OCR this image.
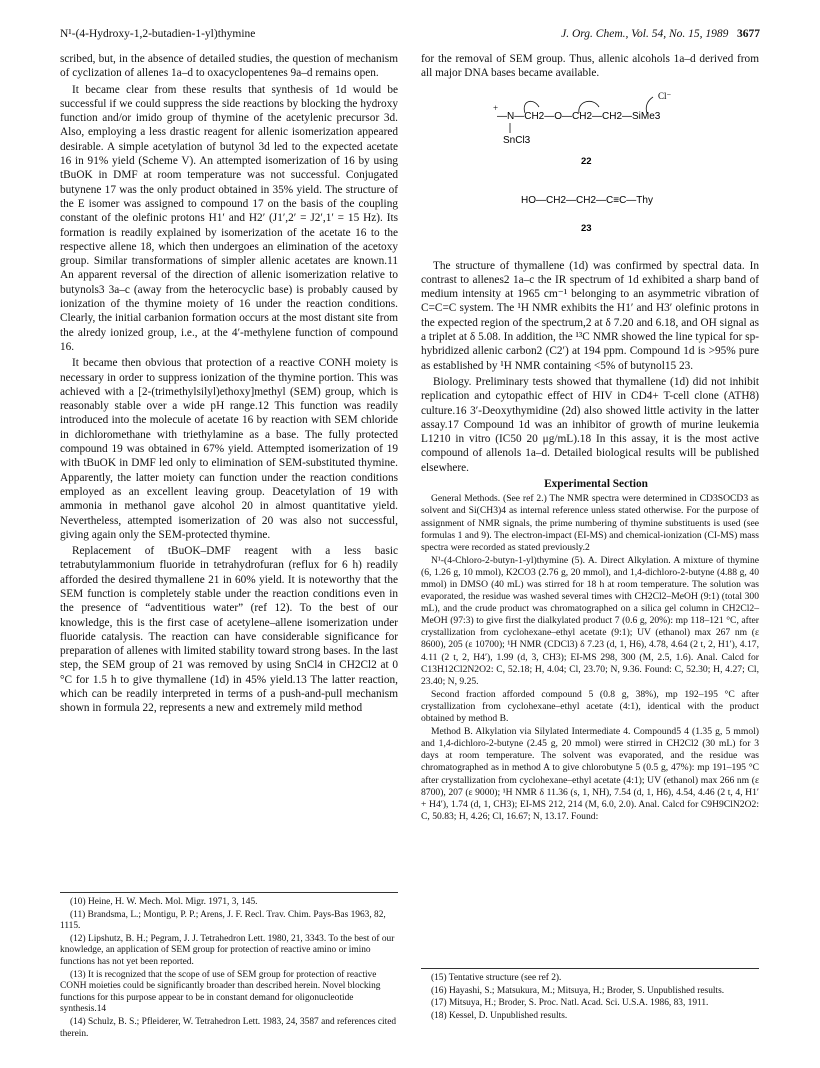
N¹-(4-Hydroxy-1,2-butadien-1-yl)thymine	J. Org. Chem., Vol. 54, No. 15, 1989 3677

scribed, but, in the absence of detailed studies, the question of mechanism of cyclization of allenes 1a–d to oxacyclopentenes 9a–d remains open.

It became clear from these results that synthesis of 1d would be successful if we could suppress the side reactions by blocking the hydroxy function and/or imido group of thymine of the acetylenic precursor 3d. Also, employing a less drastic reagent for allenic isomerization appeared desirable. A simple acetylation of butynol 3d led to the expected acetate 16 in 91% yield (Scheme V). An attempted isomerization of 16 by using tBuOK in DMF at room temperature was not successful. Conjugated butynene 17 was the only product obtained in 35% yield. The structure of the E isomer was assigned to compound 17 on the basis of the coupling constant of the olefinic protons H1′ and H2′ (J1′,2′ = J2′,1′ = 15 Hz). Its formation is readily explained by isomerization of the acetate 16 to the respective allene 18, which then undergoes an elimination of the acetoxy group. Similar transformations of simpler allenic acetates are known.11 An apparent reversal of the direction of allenic isomerization relative to butynols3 3a–c (away from the heterocyclic base) is probably caused by ionization of the thymine moiety of 16 under the reaction conditions. Clearly, the initial carbanion formation occurs at the most distant site from the alredy ionized group, i.e., at the 4′-methylene function of compound 16.

It became then obvious that protection of a reactive CONH moiety is necessary in order to suppress ionization of the thymine portion. This was achieved with a [2-(trimethylsilyl)ethoxy]methyl (SEM) group, which is reasonably stable over a wide pH range.12 This function was readily introduced into the molecule of acetate 16 by reaction with SEM chloride in dichloromethane with triethylamine as a base. The fully protected compound 19 was obtained in 67% yield. Attempted isomerization of 19 with tBuOK in DMF led only to elimination of SEM-substituted thymine. Apparently, the latter moiety can function under the reaction conditions employed as an excellent leaving group. Deacetylation of 19 with ammonia in methanol gave alcohol 20 in almost quantitative yield. Nevertheless, attempted isomerization of 20 was also not successful, giving again only the SEM-protected thymine.

Replacement of tBuOK–DMF reagent with a less basic tetrabutylammonium fluoride in tetrahydrofuran (reflux for 6 h) readily afforded the desired thymallene 21 in 60% yield. It is noteworthy that the SEM function is completely stable under the reaction conditions even in the presence of “adventitious water” (ref 12). To the best of our knowledge, this is the first case of acetylene–allene isomerization under fluoride catalysis. The reaction can have considerable significance for preparation of allenes with limited stability toward strong bases. In the last step, the SEM group of 21 was removed by using SnCl4 in CH2Cl2 at 0 °C for 1.5 h to give thymallene (1d) in 45% yield.13 The latter reaction, which can be readily interpreted in terms of a push-and-pull mechanism shown in formula 22, represents a new and extremely mild method

(10) Heine, H. W. Mech. Mol. Migr. 1971, 3, 145.

(11) Brandsma, L.; Montigu, P. P.; Arens, J. F. Recl. Trav. Chim. Pays-Bas 1963, 82, 1115.

(12) Lipshutz, B. H.; Pegram, J. J. Tetrahedron Lett. 1980, 21, 3343. To the best of our knowledge, an application of SEM group for protection of reactive amino or imino functions has not yet been reported.

(13) It is recognized that the scope of use of SEM group for protection of reactive CONH moieties could be significantly broader than described herein. Novel blocking functions for this purpose appear to be in constant demand for oligonucleotide synthesis.14

(14) Schulz, B. S.; Pfleiderer, W. Tetrahedron Lett. 1983, 24, 3587 and references cited therein.

for the removal of SEM group. Thus, allenic alcohols 1a–d derived from all major DNA bases became available.

Cl⁻
—N—CH2—O—CH2—CH2—SiMe3
+
SnCl3
22
HO—CH2—CH2—C≡C—Thy
23

The structure of thymallene (1d) was confirmed by spectral data. In contrast to allenes2 1a–c the IR spectrum of 1d exhibited a sharp band of medium intensity at 1965 cm⁻¹ belonging to an asymmetric vibration of C=C=C system. The ¹H NMR exhibits the H1′ and H3′ olefinic protons in the expected region of the spectrum,2 at δ 7.20 and 6.18, and OH signal as a triplet at δ 5.08. In addition, the ¹³C NMR showed the line typical for sp-hybridized allenic carbon2 (C2′) at 194 ppm. Compound 1d is >95% pure as established by ¹H NMR containing <5% of butynol15 23.

Biology. Preliminary tests showed that thymallene (1d) did not inhibit replication and cytopathic effect of HIV in CD4+ T-cell clone (ATH8) culture.16 3′-Deoxythymidine (2d) also showed little activity in the latter assay.17 Compound 1d was an inhibitor of growth of murine leukemia L1210 in vitro (IC50 20 μg/mL).18 In this assay, it is the most active compound of allenols 1a–d. Detailed biological results will be published elsewhere.

Experimental Section

General Methods. (See ref 2.) The NMR spectra were determined in CD3SOCD3 as solvent and Si(CH3)4 as internal reference unless stated otherwise. For the purpose of assignment of NMR signals, the prime numbering of thymine substituents is used (see formulas 1 and 9). The electron-impact (EI-MS) and chemical-ionization (CI-MS) mass spectra were recorded as stated previously.2

N¹-(4-Chloro-2-butyn-1-yl)thymine (5). A. Direct Alkylation. A mixture of thymine (6, 1.26 g, 10 mmol), K2CO3 (2.76 g, 20 mmol), and 1,4-dichloro-2-butyne (4.88 g, 40 mmol) in DMSO (40 mL) was stirred for 18 h at room temperature. The solution was evaporated, the residue was washed several times with CH2Cl2–MeOH (9:1) (total 300 mL), and the crude product was chromatographed on a silica gel column in CH2Cl2–MeOH (97:3) to give first the dialkylated product 7 (0.6 g, 20%): mp 118–121 °C, after crystallization from cyclohexane–ethyl acetate (9:1); UV (ethanol) max 267 nm (ε 8600), 205 (ε 10700); ¹H NMR (CDCl3) δ 7.23 (d, 1, H6), 4.78, 4.64 (2 t, 2, H1′), 4.17, 4.11 (2 t, 2, H4′), 1.99 (d, 3, CH3); EI-MS 298, 300 (M, 2.5, 1.6). Anal. Calcd for C13H12Cl2N2O2: C, 52.18; H, 4.04; Cl, 23.70; N, 9.36. Found: C, 52.30; H, 4.27; Cl, 23.40; N, 9.25.

Second fraction afforded compound 5 (0.8 g, 38%), mp 192–195 °C after crystallization from cyclohexane–ethyl acetate (4:1), identical with the product obtained by method B.

Method B. Alkylation via Silylated Intermediate 4. Compound5 4 (1.35 g, 5 mmol) and 1,4-dichloro-2-butyne (2.45 g, 20 mmol) were stirred in CH2Cl2 (30 mL) for 3 days at room temperature. The solvent was evaporated, and the residue was chromatographed as in method A to give chlorobutyne 5 (0.5 g, 47%): mp 191–195 °C after crystallization from cyclohexane–ethyl acetate (4:1); UV (ethanol) max 266 nm (ε 8700), 207 (ε 9000); ¹H NMR δ 11.36 (s, 1, NH), 7.54 (d, 1, H6), 4.54, 4.46 (2 t, 4, H1′ + H4′), 1.74 (d, 1, CH3); EI-MS 212, 214 (M, 6.0, 2.0). Anal. Calcd for C9H9ClN2O2: C, 50.83; H, 4.26; Cl, 16.67; N, 13.17. Found:

(15) Tentative structure (see ref 2).

(16) Hayashi, S.; Matsukura, M.; Mitsuya, H.; Broder, S. Unpublished results.

(17) Mitsuya, H.; Broder, S. Proc. Natl. Acad. Sci. U.S.A. 1986, 83, 1911.

(18) Kessel, D. Unpublished results.
